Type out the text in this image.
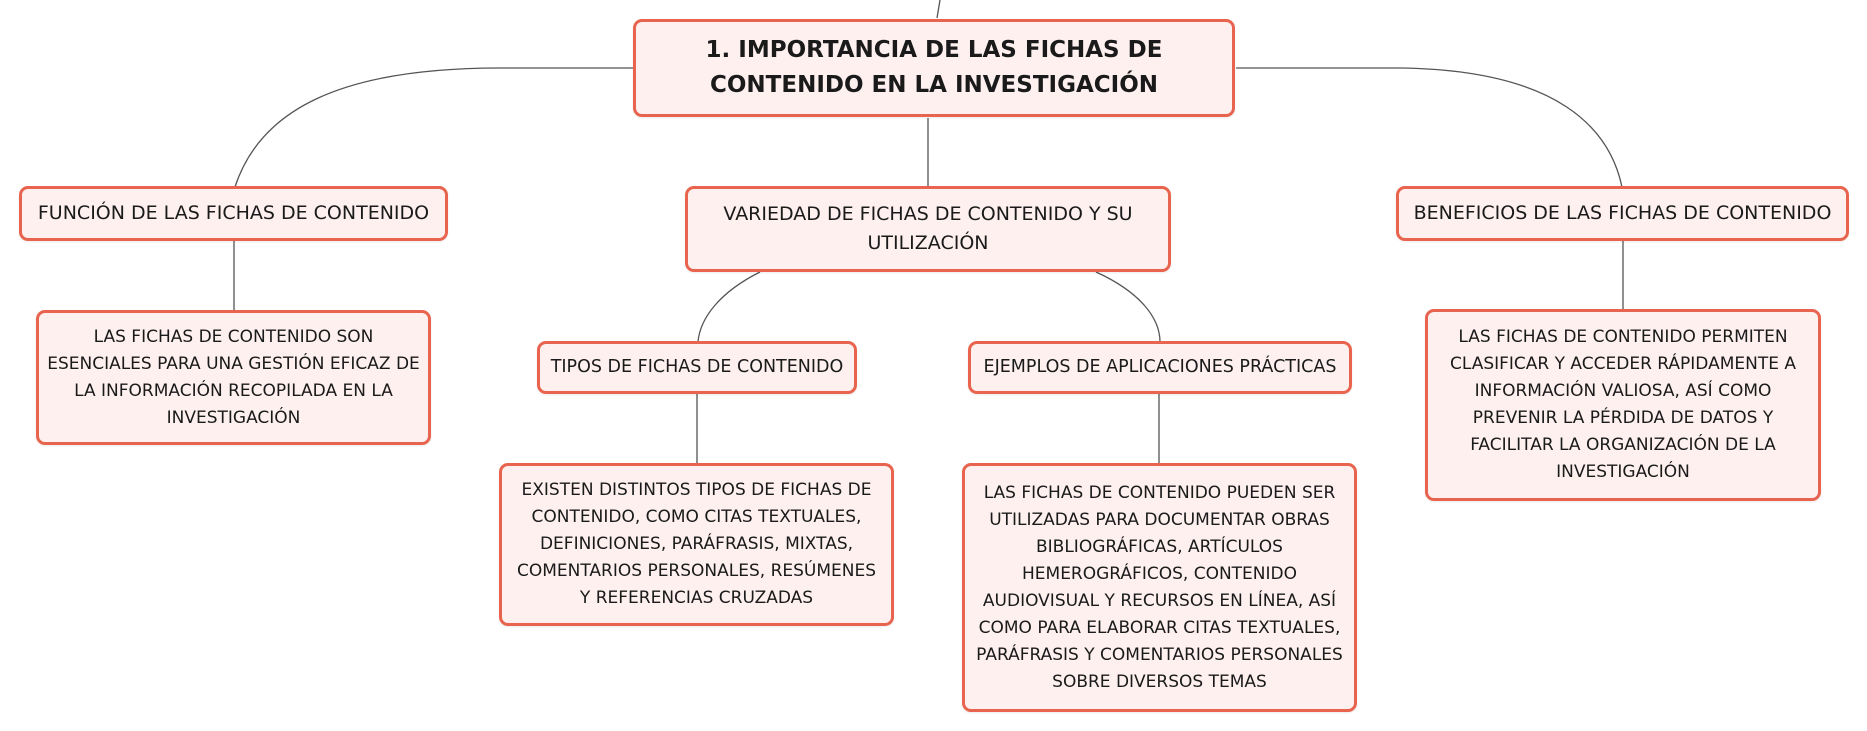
1. IMPORTANCIA DE LAS FICHAS DE CONTENIDO EN LA INVESTIGACIÓN
FUNCIÓN DE LAS FICHAS DE CONTENIDO	VARIEDAD DE FICHAS DE CONTENIDO Y SU UTILIZACIÓN
BENEFICIOS DE LAS FICHAS DE CONTENIDO
LAS FICHAS DE CONTENIDO SON ESENCIALES PARA UNA GESTIÓN EFICAZ DE LA INFORMACIÓN RECOPILADA EN LA INVESTIGACIÓN
TIPOS DE FICHAS DE CONTENIDO	EJEMPLOS DE APLICACIONES PRÁCTICAS
LAS FICHAS DE CONTENIDO PERMITEN CLASIFICAR Y ACCEDER RÁPIDAMENTE A INFORMACIÓN VALIOSA, ASÍ COMO PREVENIR LA PÉRDIDA DE DATOS Y FACILITAR LA ORGANIZACIÓN DE LA INVESTIGACIÓN
EXISTEN DISTINTOS TIPOS DE FICHAS DE CONTENIDO, COMO CITAS TEXTUALES, DEFINICIONES, PARÁFRASIS, MIXTAS, COMENTARIOS PERSONALES, RESÚMENES Y REFERENCIAS CRUZADAS
LAS FICHAS DE CONTENIDO PUEDEN SER UTILIZADAS PARA DOCUMENTAR OBRAS BIBLIOGRÁFICAS, ARTÍCULOS HEMEROGRÁFICOS, CONTENIDO AUDIOVISUAL Y RECURSOS EN LÍNEA, ASÍ COMO PARA ELABORAR CITAS TEXTUALES, PARÁFRASIS Y COMENTARIOS PERSONALES SOBRE DIVERSOS TEMAS
